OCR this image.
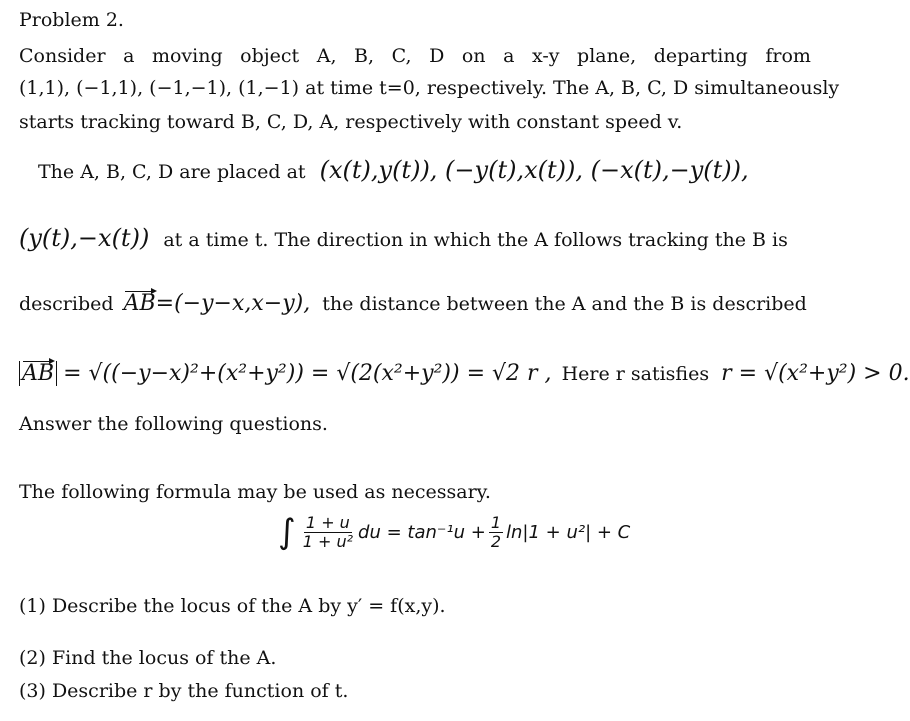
Problem 2.
Consider a moving object A, B, C, D on a x-y plane, departing from
(1,1), (−1,1), (−1,−1), (1,−1) at time t=0, respectively. The A, B, C, D simultaneously
starts tracking toward B, C, D, A, respectively with constant speed v.
The A, B, C, D are placed at (x(t),y(t)), (−y(t),x(t)), (−x(t),−y(t)),
(y(t),−x(t)) at a time t. The direction in which the A follows tracking the B is
described AB=(−y−x,x−y), the distance between the A and the B is described
AB = √((−y−x)²+(x²+y²)) = √(2(x²+y²)) = √2 r , Here r satisfies r = √(x²+y²) > 0.
Answer the following questions.
The following formula may be used as necessary.
∫ $\frac{1 + u}{\text{1 + u²}}$ du = $\tan^{-1}u + \frac{1}{2} \ln|1 + u^2| + C$
(1) Describe the locus of the A by y′ = f(x,y).
(2) Find the locus of the A.
(3) Describe r by the function of t.
